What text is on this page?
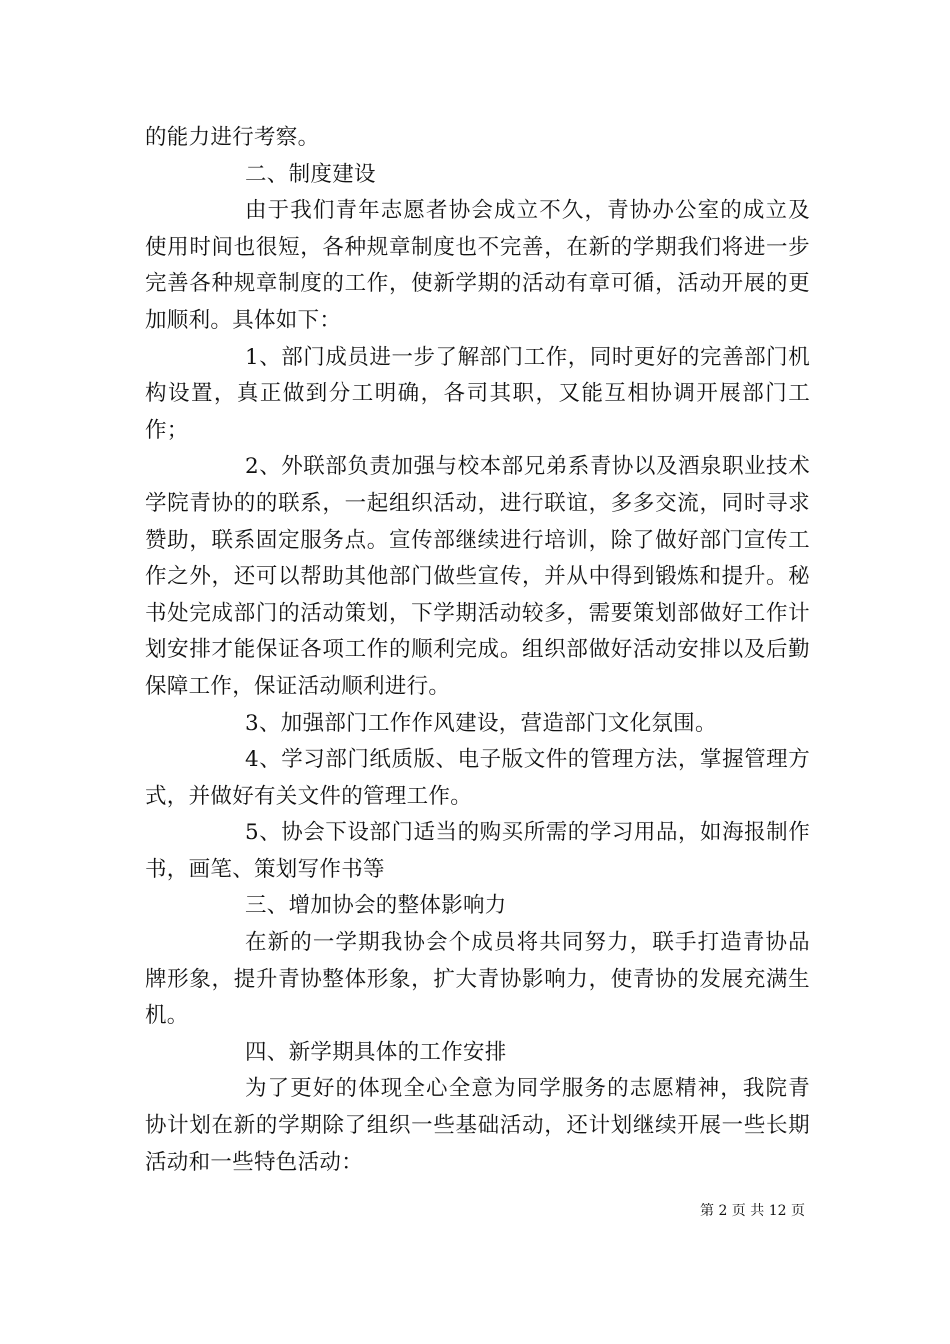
的能力进行考察。

二、制度建设

由于我们青年志愿者协会成立不久，青协办公室的成立及使用时间也很短，各种规章制度也不完善，在新的学期我们将进一步完善各种规章制度的工作，使新学期的活动有章可循，活动开展的更加顺利。具体如下：

1、部门成员进一步了解部门工作，同时更好的完善部门机构设置，真正做到分工明确，各司其职，又能互相协调开展部门工作；

2、外联部负责加强与校本部兄弟系青协以及酒泉职业技术学院青协的的联系，一起组织活动，进行联谊，多多交流，同时寻求赞助，联系固定服务点。宣传部继续进行培训，除了做好部门宣传工作之外，还可以帮助其他部门做些宣传，并从中得到锻炼和提升。秘书处完成部门的活动策划，下学期活动较多，需要策划部做好工作计划安排才能保证各项工作的顺利完成。组织部做好活动安排以及后勤保障工作，保证活动顺利进行。

3、加强部门工作作风建设，营造部门文化氛围。

4、学习部门纸质版、电子版文件的管理方法，掌握管理方式，并做好有关文件的管理工作。

5、协会下设部门适当的购买所需的学习用品，如海报制作书，画笔、策划写作书等

三、增加协会的整体影响力

在新的一学期我协会个成员将共同努力，联手打造青协品牌形象，提升青协整体形象，扩大青协影响力，使青协的发展充满生机。

四、新学期具体的工作安排

为了更好的体现全心全意为同学服务的志愿精神，我院青协计划在新的学期除了组织一些基础活动，还计划继续开展一些长期活动和一些特色活动：

第 2 页 共 12 页
